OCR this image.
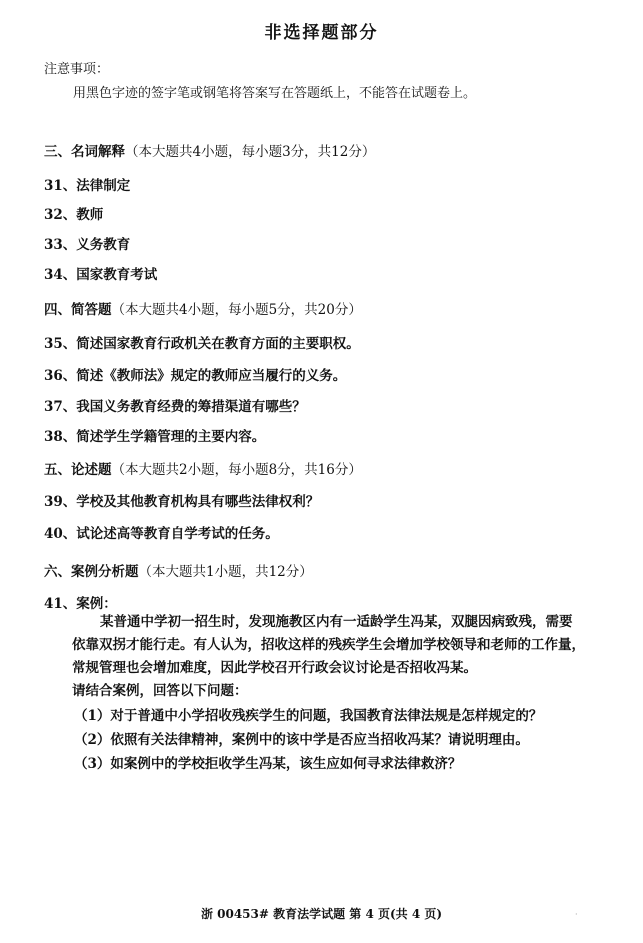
非选择题部分
注意事项：
用黑色字迹的签字笔或钢笔将答案写在答题纸上，不能答在试题卷上。
三、名词解释（本大题共4小题，每小题3分，共12分）
31、法律制定
32、教师
33、义务教育
34、国家教育考试
四、简答题（本大题共4小题，每小题5分，共20分）
35、简述国家教育行政机关在教育方面的主要职权。
36、简述《教师法》规定的教师应当履行的义务。
37、我国义务教育经费的筹措渠道有哪些？
38、简述学生学籍管理的主要内容。
五、论述题（本大题共2小题，每小题8分，共16分）
39、学校及其他教育机构具有哪些法律权利？
40、试论述高等教育自学考试的任务。
六、案例分析题（本大题共1小题，共12分）
41、案例：
某普通中学初一招生时，发现施教区内有一适龄学生冯某，双腿因病致残，需要
依靠双拐才能行走。有人认为，招收这样的残疾学生会增加学校领导和老师的工作量，
常规管理也会增加难度，因此学校召开行政会议讨论是否招收冯某。
请结合案例，回答以下问题：
（1）对于普通中小学招收残疾学生的问题，我国教育法律法规是怎样规定的？
（2）依照有关法律精神，案例中的该中学是否应当招收冯某？请说明理由。
（3）如案例中的学校拒收学生冯某，该生应如何寻求法律救济？
浙 00453# 教育法学试题 第 4 页(共 4 页)	·
